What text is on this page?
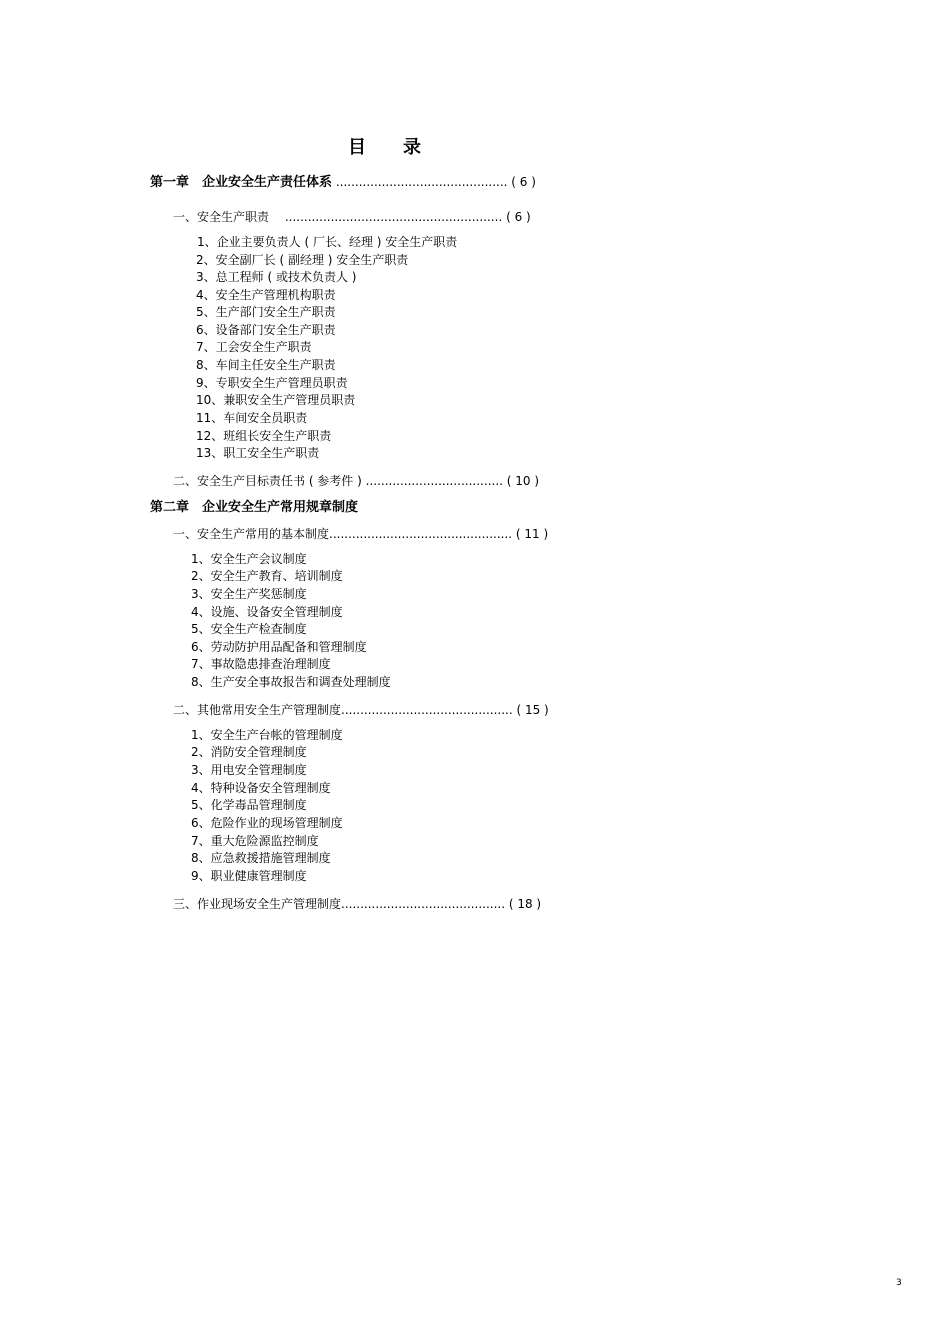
目 录
第一章　企业安全生产责任体系 ............................................. ( 6 )
一、安全生产职责　 ......................................................... ( 6 )
1、企业主要负责人 ( 厂长、经理 ) 安全生产职责
2、安全副厂长 ( 副经理 ) 安全生产职责
3、总工程师 ( 或技术负责人 )
4、安全生产管理机构职责
5、生产部门安全生产职责
6、设备部门安全生产职责
7、工会安全生产职责
8、车间主任安全生产职责
9、专职安全生产管理员职责
10、兼职安全生产管理员职责
11、车间安全员职责
12、班组长安全生产职责
13、职工安全生产职责
二、安全生产目标责任书 ( 参考件 ) .................................... ( 10 )
第二章　企业安全生产常用规章制度
一、安全生产常用的基本制度................................................ ( 11 )
1、安全生产会议制度
2、安全生产教育、培训制度
3、安全生产奖惩制度
4、设施、设备安全管理制度
5、安全生产检查制度
6、劳动防护用品配备和管理制度
7、事故隐患排查治理制度
8、生产安全事故报告和调查处理制度
二、其他常用安全生产管理制度............................................. ( 15 )
1、安全生产台帐的管理制度
2、消防安全管理制度
3、用电安全管理制度
4、特种设备安全管理制度
5、化学毒品管理制度
6、危险作业的现场管理制度
7、重大危险源监控制度
8、应急救援措施管理制度
9、职业健康管理制度
三、作业现场安全生产管理制度........................................... ( 18 )
3
